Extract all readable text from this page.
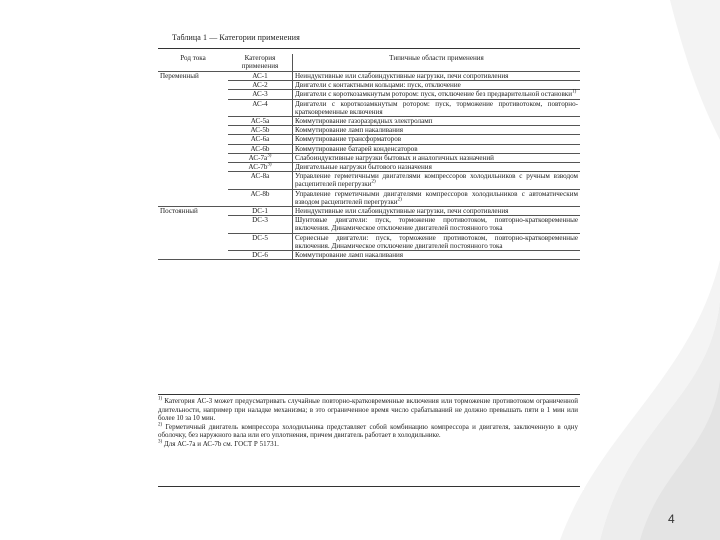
Таблица 1 — Категории применения
Род тока	Категория применения	Типичные области применения
Переменный	АС-1	Неиндуктивные или слабоиндуктивные нагрузки, печи сопротивления
	АС-2	Двигатели с контактными кольцами: пуск, отключение
	АС-3	Двигатели с короткозамкнутым ротором: пуск, отключение без предварительной остановки$^{1)}$
	АС-4	Двигатели с короткозамкнутым ротором: пуск, торможение противотоком, повторно-кратковременные включения
	АС-5а	Коммутирование газоразрядных электроламп
	АС-5b	Коммутирование ламп накаливания
	АС-6а	Коммутирование трансформаторов
	АС-6b	Коммутирование батарей конденсаторов
	$АС-7а^{3)}$	Слабоиндуктивные нагрузки бытовых и аналогичных назначений
	$АС-7b^{3)}$	Двигательные нагрузки бытового назначения
	АС-8а	Управление герметичными двигателями компрессоров холодильников с ручным взводом расцепителей перегрузки$^{2)}$
	АС-8b	Управление герметичными двигателями компрессоров холодильников с автоматическим взводом расцепителей перегрузки$^{2)}$
Постоянный	DC-1	Неиндуктивные или слабоиндуктивные нагрузки, печи сопротивления
	DC-3	Шунтовые двигатели: пуск, торможение противотоком, повторно-кратковременные включения. Динамическое отключение двигателей постоянного тока
	DC-5	Сериесные двигатели: пуск, торможение противотоком, повторно-кратковременные включения. Динамическое отключение двигателей постоянного тока
	DC-6	Коммутирование ламп накаливания

$^{1)}$ Категория АС-3 может предусматривать случайные повторно-кратковременные включения или торможение противотоком ограниченной длительности, например при наладке механизма; в это ограниченное время число срабатываний не должно превышать пяти в 1 мин или более 10 за 10 мин.

$^{2)}$ Герметичный двигатель компрессора холодильника представляет собой комбинацию компрессора и двигателя, заключенную в одну оболочку, без наружного вала или его уплотнения, причем двигатель работает в холодильнике.

$^{3)}$ Для АС-7а и АС-7b см. ГОСТ Р 51731.

4
